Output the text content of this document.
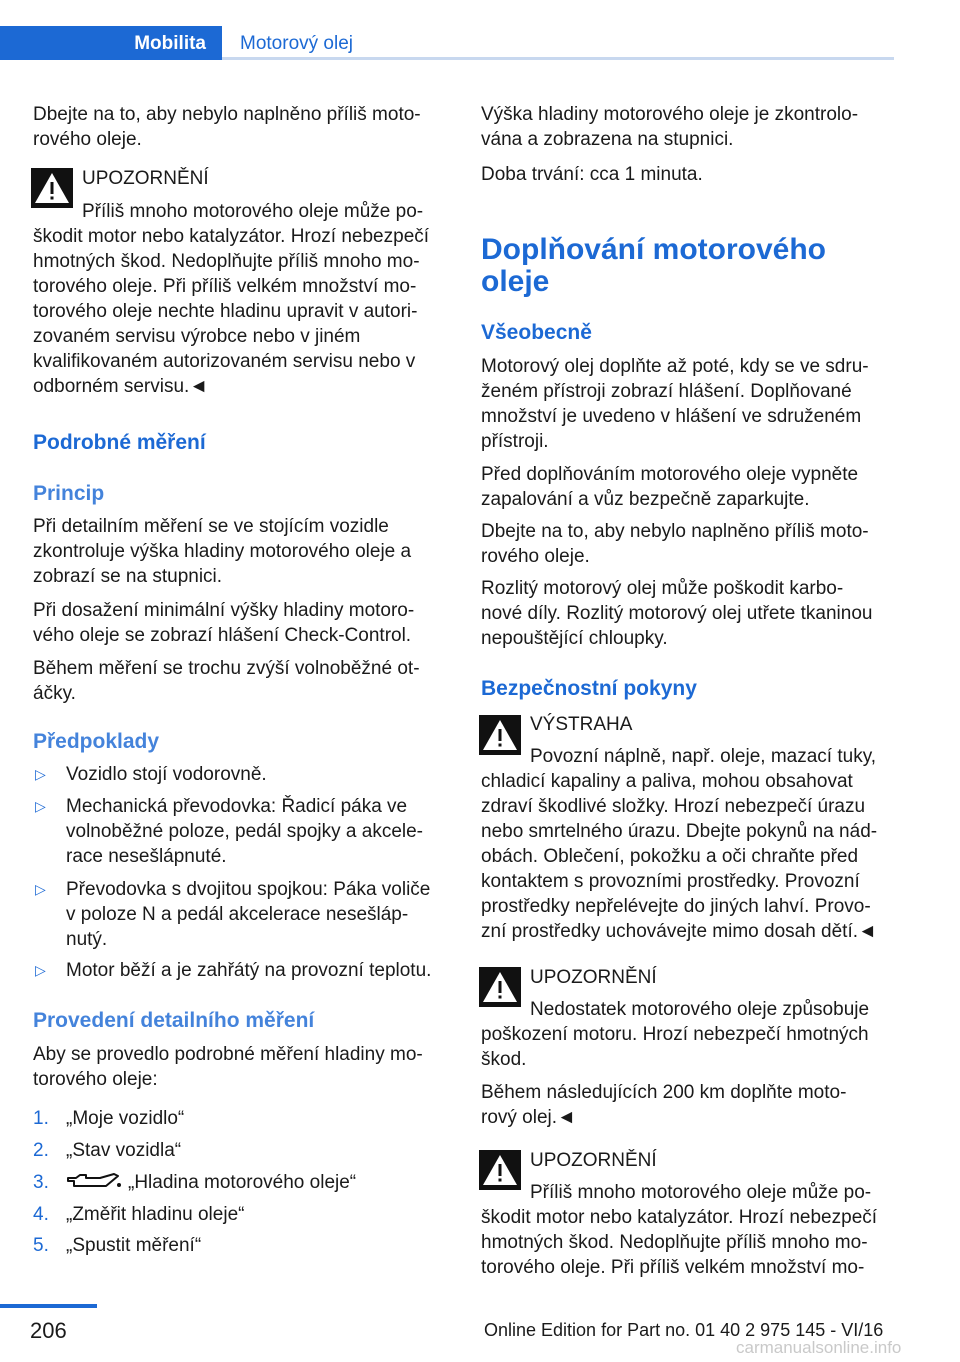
Mobilita Motorový olej
Dbejte na to, aby nebylo naplněno příliš moto-
rového oleje.
UPOZORNĚNÍ
Příliš mnoho motorového oleje může po-
škodit motor nebo katalyzátor. Hrozí nebezpečí
hmotných škod. Nedoplňujte příliš mnoho mo-
torového oleje. Při příliš velkém množství mo-
torového oleje nechte hladinu upravit v autori-
zovaném servisu výrobce nebo v jiném
kvalifikovaném autorizovaném servisu nebo v
odborném servisu.◄
Podrobné měření
Princip
Při detailním měření se ve stojícím vozidle
zkontroluje výška hladiny motorového oleje a
zobrazí se na stupnici.
Při dosažení minimální výšky hladiny motoro-
vého oleje se zobrazí hlášení Check-Control.
Během měření se trochu zvýší volnoběžné ot-
áčky.
Předpoklady
▷ Vozidlo stojí vodorovně.
▷ Mechanická převodovka: Řadicí páka ve
volnoběžné poloze, pedál spojky a akcele-
race nesešlápnuté.
▷ Převodovka s dvojitou spojkou: Páka voliče
v poloze N a pedál akcelerace nesešláp-
nutý.
▷ Motor běží a je zahřátý na provozní teplotu.
Provedení detailního měření
Aby se provedlo podrobné měření hladiny mo-
torového oleje:
1. „Moje vozidlo“
2. „Stav vozidla“
3.	„Hladina motorového oleje“
4. „Změřit hladinu oleje“
5. „Spustit měření“
Výška hladiny motorového oleje je zkontrolo-
vána a zobrazena na stupnici.
Doba trvání: cca 1 minuta.
Doplňování motorového
oleje
Všeobecně
Motorový olej doplňte až poté, kdy se ve sdru-
ženém přístroji zobrazí hlášení. Doplňované
množství je uvedeno v hlášení ve sdruženém
přístroji.
Před doplňováním motorového oleje vypněte
zapalování a vůz bezpečně zaparkujte.
Dbejte na to, aby nebylo naplněno příliš moto-
rového oleje.
Rozlitý motorový olej může poškodit karbo-
nové díly. Rozlitý motorový olej utřete tkaninou
nepouštějící chloupky.
Bezpečnostní pokyny
VÝSTRAHA
Povozní náplně, např. oleje, mazací tuky,
chladicí kapaliny a paliva, mohou obsahovat
zdraví škodlivé složky. Hrozí nebezpečí úrazu
nebo smrtelného úrazu. Dbejte pokynů na nád-
obách. Oblečení, pokožku a oči chraňte před
kontaktem s provozními prostředky. Provozní
prostředky nepřelévejte do jiných lahví. Provo-
zní prostředky uchovávejte mimo dosah dětí.◄
UPOZORNĚNÍ
Nedostatek motorového oleje způsobuje
poškození motoru. Hrozí nebezpečí hmotných
škod.
Během následujících 200 km doplňte moto-
rový olej.◄
UPOZORNĚNÍ
Příliš mnoho motorového oleje může po-
škodit motor nebo katalyzátor. Hrozí nebezpečí
hmotných škod. Nedoplňujte příliš mnoho mo-
torového oleje. Při příliš velkém množství mo-
206	Online Edition for Part no. 01 40 2 975 145 - VI/16
carmanualsonline.info
